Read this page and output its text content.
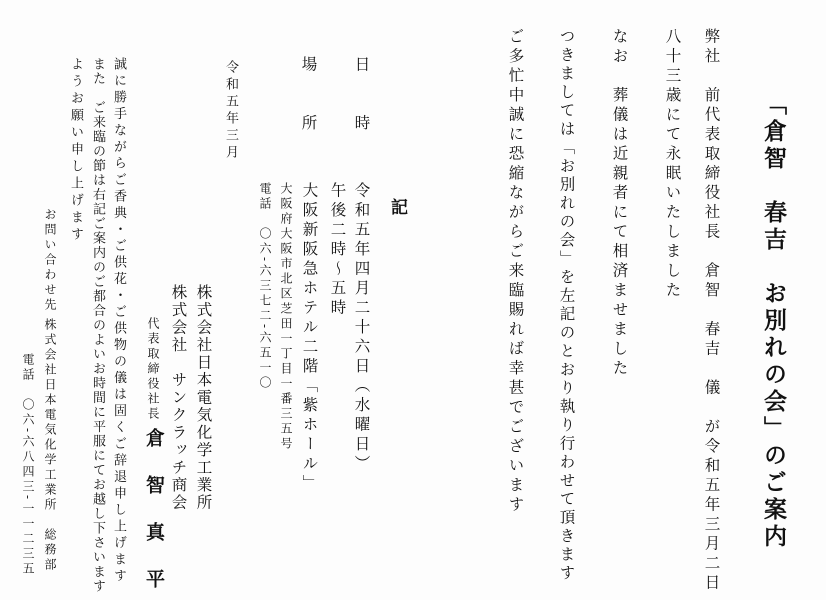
「倉智　春吉　お別れの会」のご案内
弊社　前代表取締役社長　倉智　春吉　儀　が令和五年三月二日
八十三歳にて永眠いたしました
なお　葬儀は近親者にて相済ませました
つきましては「お別れの会」を左記のとおり執り行わせて頂きます
ご多忙中誠に恐縮ながらご来臨賜れば幸甚でございます
記
日　　時
令和五年四月二十六日（水曜日）
午後二時〜五時
場　　所
大阪新阪急ホテル二階「紫ホール」
大阪府大阪市北区芝田一丁目一番三五号
電話　〇六‐六三七二‐六五一〇
令和五年三月
株式会社日本電気化学工業所
株式会社　サンクラッチ商会
代表取締役社長
倉　智　真　平
誠に勝手ながらご香典・ご供花・ご供物の儀は固くご辞退申し上げます
また　ご来臨の節は右記ご案内のご都合のよいお時間に平服にてお越し下さいます
ようお願い申し上げます
お問い合わせ先
株式会社日本電気化学工業所　総務部
電話　〇六‐六八四三‐一一二三五
